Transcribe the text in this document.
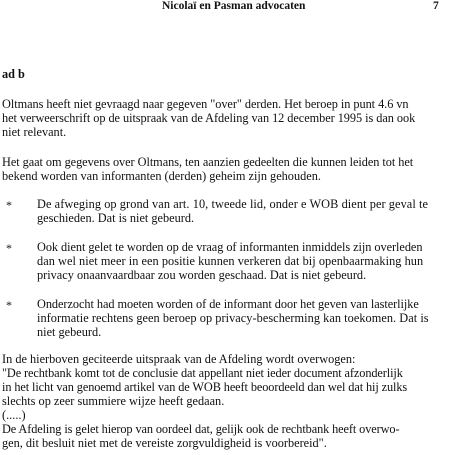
Nicolaï en Pasman advocaten	7
ad b
Oltmans heeft niet gevraagd naar gegeven "over" derden. Het beroep in punt 4.6 vn
het verweerschrift op de uitspraak van de Afdeling van 12 december 1995 is dan ook
niet relevant.
Het gaat om gegevens over Oltmans, ten aanzien gedeelten die kunnen leiden tot het
bekend worden van informanten (derden) geheim zijn gehouden.
* De afweging op grond van art. 10, tweede lid, onder e WOB dient per geval te
geschieden. Dat is niet gebeurd.
* Ook dient gelet te worden op de vraag of informanten inmiddels zijn overleden
dan wel niet meer in een positie kunnen verkeren dat bij openbaarmaking hun
privacy onaanvaardbaar zou worden geschaad. Dat is niet gebeurd.
* Onderzocht had moeten worden of de informant door het geven van lasterlijke
informatie rechtens geen beroep op privacy-bescherming kan toekomen. Dat is
niet gebeurd.
In de hierboven geciteerde uitspraak van de Afdeling wordt overwogen:
"De rechtbank komt tot de conclusie dat appellant niet ieder document afzonderlijk
in het licht van genoemd artikel van de WOB heeft beoordeeld dan wel dat hij zulks
slechts op zeer summiere wijze heeft gedaan.
(.....)
De Afdeling is gelet hierop van oordeel dat, gelijk ook de rechtbank heeft overwo-
gen, dit besluit niet met de vereiste zorgvuldigheid is voorbereid".
